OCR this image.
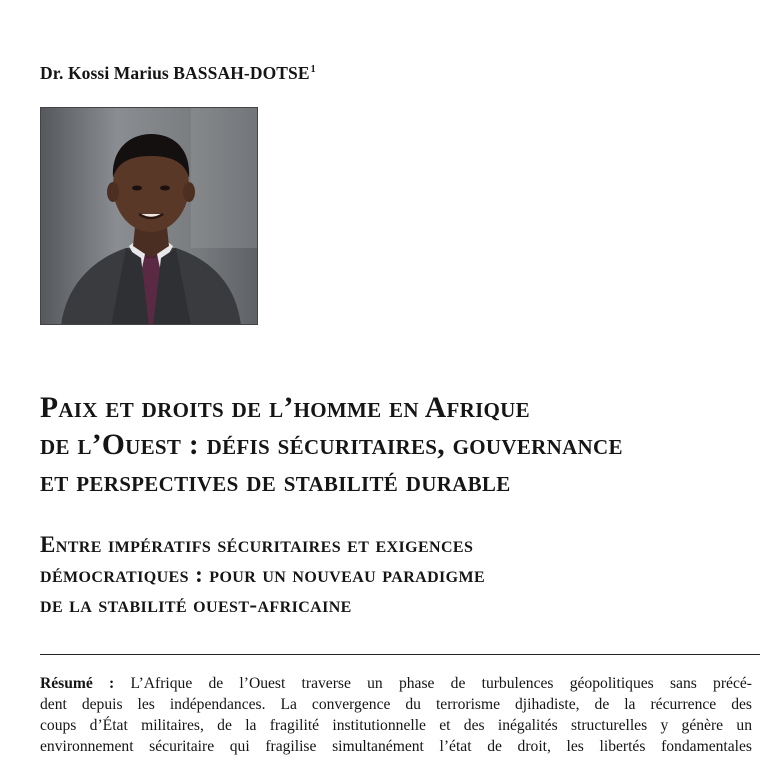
Dr. Kossi Marius BASSAH-DOTSE$^1$
Paix et droits de l’homme en Afrique
de l’Ouest : défis sécuritaires, gouvernance
et perspectives de stabilité durable
Entre impératifs sécuritaires et exigences
démocratiques : pour un nouveau paradigme
de la stabilité ouest-africaine
Résumé : L’Afrique de l’Ouest traverse un phase de turbulences géopolitiques sans précé-
dent depuis les indépendances. La convergence du terrorisme djihadiste, de la récurrence des
coups d’État militaires, de la fragilité institutionnelle et des inégalités structurelles y génère un
environnement sécuritaire qui fragilise simultanément l’état de droit, les libertés fondamentales
